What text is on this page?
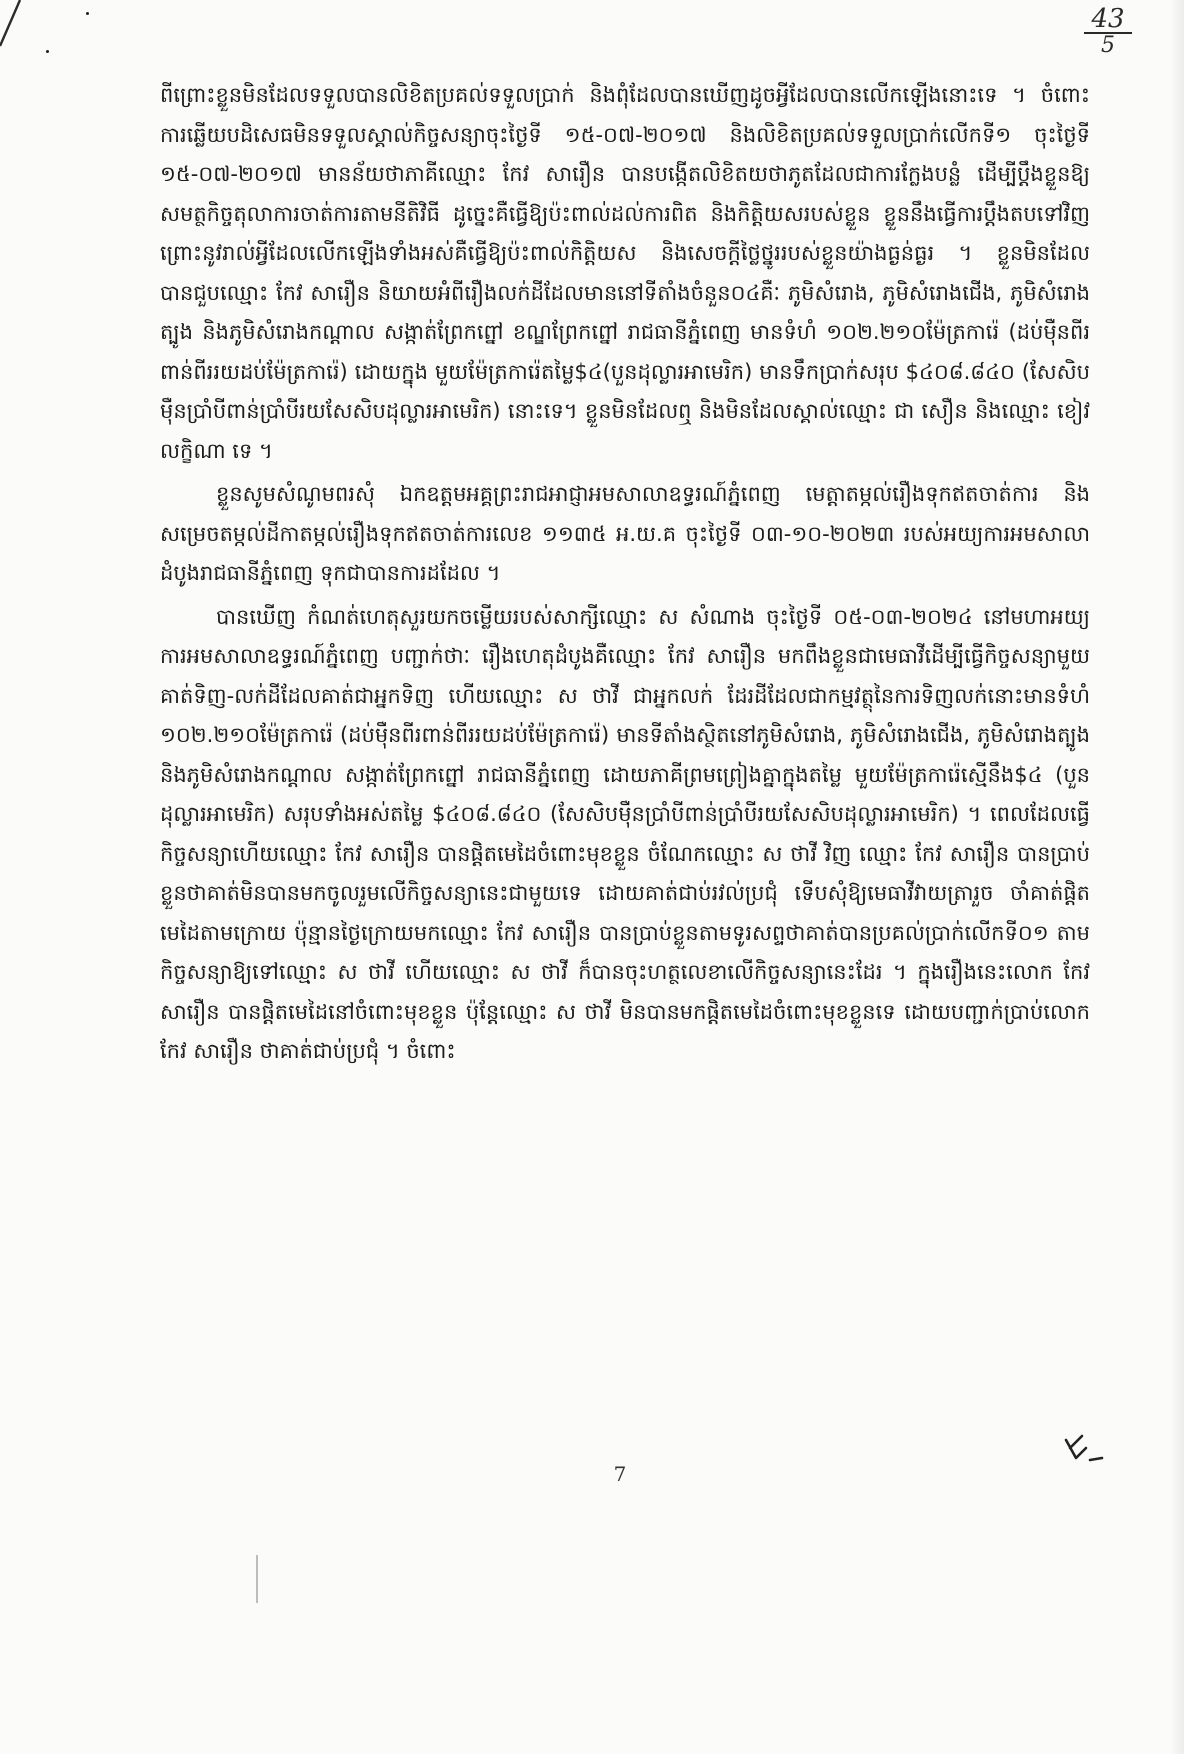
43
5

ពីព្រោះខ្លួនមិនដែលទទួលបានលិខិតប្រគល់ទទួលប្រាក់ និងពុំដែលបានឃើញដូចអ្វីដែលបានលើកឡើងនោះទេ ។ ចំពោះការឆ្លើយបដិសេធមិនទទួលស្គាល់កិច្ចសន្យាចុះថ្ងៃទី ១៥-០៧-២០១៧ និងលិខិតប្រគល់ទទួលប្រាក់លើកទី១ ចុះថ្ងៃទី ១៥-០៧-២០១៧ មានន័យថាភាគីឈ្មោះ កែវ សារឿន បានបង្កើតលិខិតយថាភូតដែលជាការក្លែងបន្លំ ដើម្បីប្តឹងខ្លួនឱ្យសមត្ថកិច្ចតុលាការចាត់ការតាមនីតិវិធី ដូច្នេះគឺធ្វើឱ្យប៉ះពាល់ដល់ការពិត និងកិត្តិយសរបស់ខ្លួន ខ្លួននឹងធ្វើការប្តឹងតបទៅវិញ ព្រោះនូវរាល់អ្វីដែលលើកឡើងទាំងអស់គឺធ្វើឱ្យប៉ះពាល់កិត្តិយស និងសេចក្តីថ្លៃថ្នូររបស់ខ្លួនយ៉ាងធ្ងន់ធ្ងរ ។ ខ្លួនមិនដែលបានជួបឈ្មោះ កែវ សារឿន និយាយអំពីរឿងលក់ដីដែលមាននៅទីតាំងចំនួន០៤គឺៈ ភូមិសំរោង, ភូមិសំរោងជើង, ភូមិសំរោងត្បូង និងភូមិសំរោងកណ្តាល សង្កាត់ព្រែកព្នៅ ខណ្ឌព្រែកព្នៅ រាជធានីភ្នំពេញ មានទំហំ ១០២.២១០ម៉ែត្រការ៉េ (ដប់ម៉ឺនពីរពាន់ពីររយដប់ម៉ែត្រការ៉េ) ដោយក្នុង មួយម៉ែត្រការ៉េតម្លៃ$៤(បួនដុល្លារអាមេរិក) មានទឹកប្រាក់សរុប $៤០៨.៨៤០ (សែសិបម៉ឺនប្រាំបីពាន់ប្រាំបីរយសែសិបដុល្លារអាមេរិក) នោះទេ។ ខ្លួនមិនដែលឮ និងមិនដែលស្គាល់ឈ្មោះ ជា សឿន និងឈ្មោះ ខៀវ លក្ខិណា ទេ ។

ខ្លួនសូមសំណូមពរសុំ ឯកឧត្តមអគ្គព្រះរាជអាជ្ញាអមសាលាឧទ្ធរណ៍ភ្នំពេញ មេត្តាតម្កល់រឿងទុកឥតចាត់ការ និងសម្រេចតម្កល់ដីកាតម្កល់រឿងទុកឥតចាត់ការលេខ ១១៣៥ អ.យ.គ ចុះថ្ងៃទី ០៣-១០-២០២៣ របស់អយ្យការអមសាលាដំបូងរាជធានីភ្នំពេញ ទុកជាបានការដដែល ។

បានឃើញ កំណត់ហេតុសួរយកចម្លើយរបស់សាក្សីឈ្មោះ ស សំណាង ចុះថ្ងៃទី ០៥-០៣-២០២៤ នៅមហាអយ្យការអមសាលាឧទ្ធរណ៍ភ្នំពេញ បញ្ជាក់ថាៈ រឿងហេតុដំបូងគឺឈ្មោះ កែវ សារឿន មកពឹងខ្លួនជាមេធាវីដើម្បីធ្វើកិច្ចសន្យាមួយ គាត់ទិញ-លក់ដីដែលគាត់ជាអ្នកទិញ ហើយឈ្មោះ ស ថាវី ជាអ្នកលក់ ដែរដីដែលជាកម្មវត្ថុនៃការទិញលក់នោះមានទំហំ ១០២.២១០ម៉ែត្រការ៉េ (ដប់ម៉ឺនពីរពាន់ពីររយដប់ម៉ែត្រការ៉េ) មានទីតាំងស្ថិតនៅភូមិសំរោង, ភូមិសំរោងជើង, ភូមិសំរោងត្បូង និងភូមិសំរោងកណ្តាល សង្កាត់ព្រែកព្នៅ រាជធានីភ្នំពេញ ដោយភាគីព្រមព្រៀងគ្នាក្នុងតម្លៃ មួយម៉ែត្រការ៉េស្មើនឹង$៤ (បួនដុល្លារអាមេរិក) សរុបទាំងអស់តម្លៃ $៤០៨.៨៤០ (សែសិបម៉ឺនប្រាំបីពាន់ប្រាំបីរយសែសិបដុល្លារអាមេរិក) ។ ពេលដែលធ្វើកិច្ចសន្យាហើយឈ្មោះ កែវ សារឿន បានផ្តិតមេដៃចំពោះមុខខ្លួន ចំណែកឈ្មោះ ស ថាវី វិញ ឈ្មោះ កែវ សារឿន បានប្រាប់ខ្លួនថាគាត់មិនបានមកចូលរួមលើកិច្ចសន្យានេះជាមួយទេ ដោយគាត់ជាប់រវល់ប្រជុំ ទើបសុំឱ្យមេធាវីវាយត្រារួច ចាំគាត់ផ្តិតមេដៃតាមក្រោយ ប៉ុន្មានថ្ងៃក្រោយមកឈ្មោះ កែវ សារឿន បានប្រាប់ខ្លួនតាមទូរសព្ទថាគាត់បានប្រគល់ប្រាក់លើកទី០១ តាមកិច្ចសន្យាឱ្យទៅឈ្មោះ ស ថាវី ហើយឈ្មោះ ស ថាវី ក៏បានចុះហត្ថលេខាលើកិច្ចសន្យានេះដែរ ។ ក្នុងរឿងនេះលោក កែវ សារឿន បានផ្តិតមេដៃនៅចំពោះមុខខ្លួន ប៉ុន្តែឈ្មោះ ស ថាវី មិនបានមកផ្តិតមេដៃចំពោះមុខខ្លួនទេ ដោយបញ្ជាក់ប្រាប់លោក កែវ សារឿន ថាគាត់ជាប់ប្រជុំ ។ ចំពោះ

7
